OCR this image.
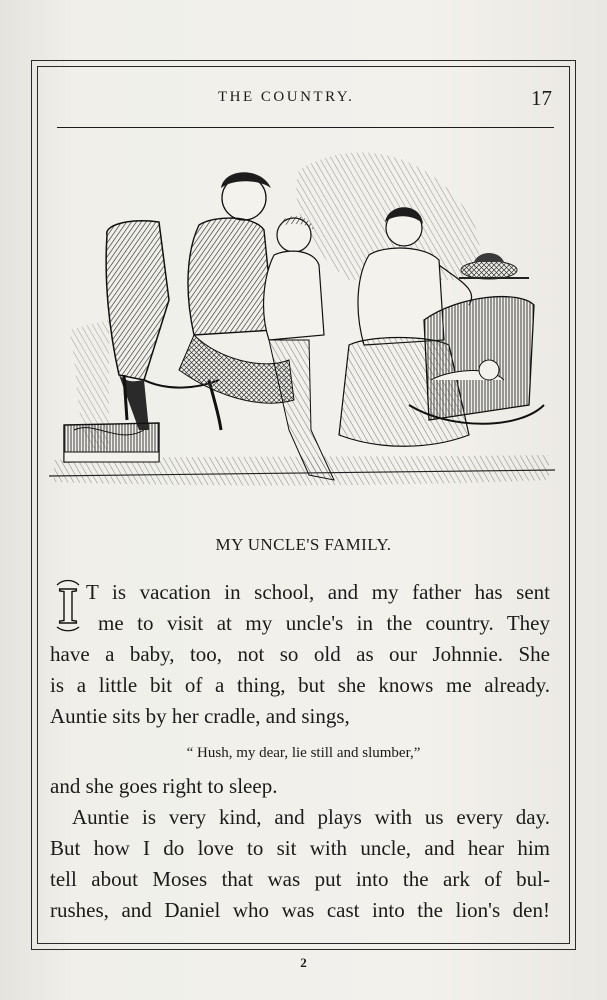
THE COUNTRY.	17
MY UNCLE'S FAMILY.
I T is vacation in school, and my father has sent
me to visit at my uncle's in the country. They
have a baby, too, not so old as our Johnnie. She
is a little bit of a thing, but she knows me already.
Auntie sits by her cradle, and sings,
“ Hush, my dear, lie still and slumber,”
and she goes right to sleep.
Auntie is very kind, and plays with us every day.
But how I do love to sit with uncle, and hear him
tell about Moses that was put into the ark of bul-
rushes, and Daniel who was cast into the lion's den!
2
